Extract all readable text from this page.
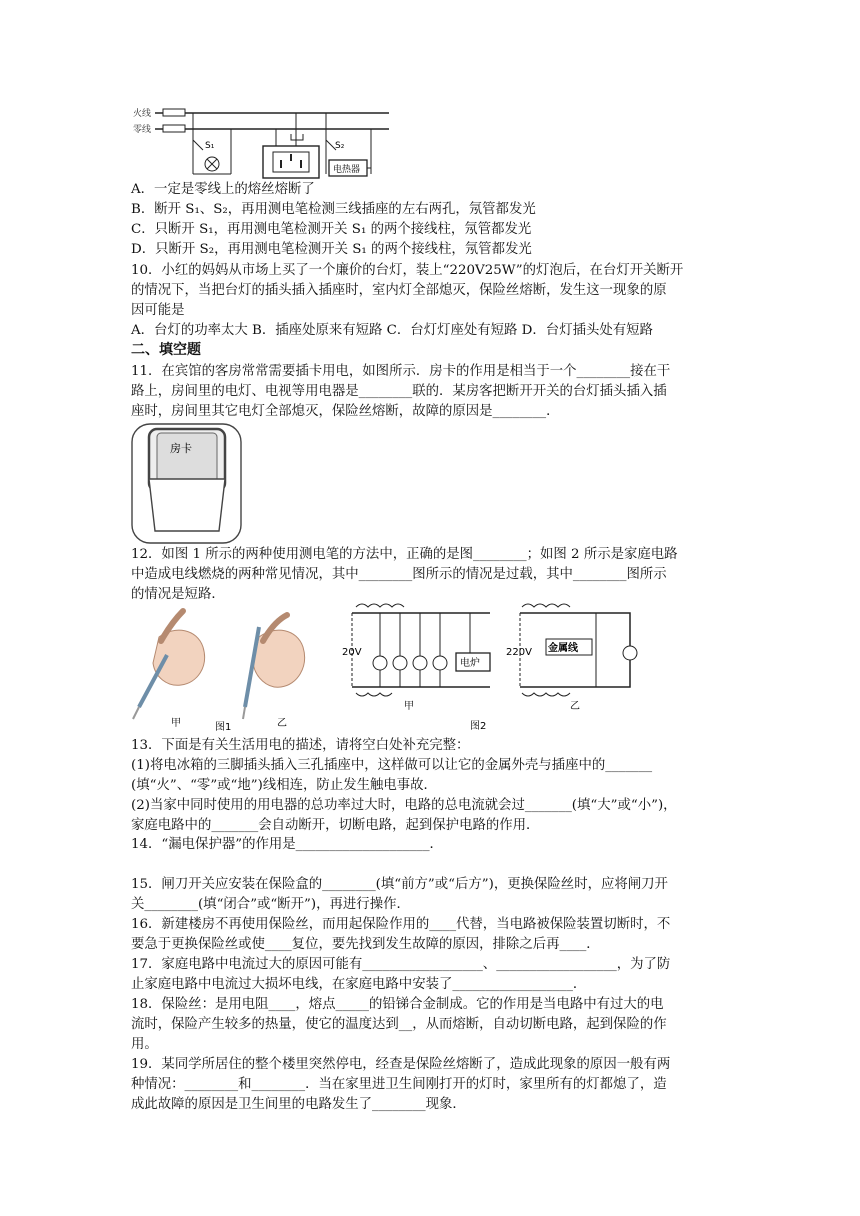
火线
零线
S₁	S₂
电热器
A．一定是零线上的熔丝熔断了
B．断开 S₁、S₂，再用测电笔检测三线插座的左右两孔，氖管都发光
C．只断开 S₁，再用测电笔检测开关 S₁ 的两个接线柱，氖管都发光
D．只断开 S₂，再用测电笔检测开关 S₁ 的两个接线柱，氖管都发光
10．小红的妈妈从市场上买了一个廉价的台灯，装上“220V25W”的灯泡后，在台灯开关断开
的情况下，当把台灯的插头插入插座时，室内灯全部熄灭，保险丝熔断，发生这一现象的原
因可能是
A．台灯的功率太大 B．插座处原来有短路 C．台灯灯座处有短路 D．台灯插头处有短路
二、填空题
11．在宾馆的客房常常需要插卡用电，如图所示．房卡的作用是相当于一个________接在干
路上，房间里的电灯、电视等用电器是________联的．某房客把断开开关的台灯插头插入插
座时，房间里其它电灯全部熄灭，保险丝熔断，故障的原因是________．
房卡
12．如图 1 所示的两种使用测电笔的方法中，正确的是图________；如图 2 所示是家庭电路
中造成电线燃烧的两种常见情况，其中________图所示的情况是过载，其中________图所示
的情况是短路．
甲	乙
图1
20V
电炉
甲
220V 金属线
乙
图2
13．下面是有关生活用电的描述，请将空白处补充完整：
(1)将电冰箱的三脚插头插入三孔插座中，这样做可以让它的金属外壳与插座中的_______
(填“火”、“零”或“地”)线相连，防止发生触电事故．
(2)当家中同时使用的用电器的总功率过大时，电路的总电流就会过_______(填“大”或“小”)，
家庭电路中的_______会自动断开，切断电路，起到保护电路的作用．
14．“漏电保护器”的作用是____________________．
15．闸刀开关应安装在保险盒的________(填“前方”或“后方”)，更换保险丝时，应将闸刀开
关________(填“闭合”或“断开”)，再进行操作．
16．新建楼房不再使用保险丝，而用起保险作用的____代替，当电路被保险装置切断时，不
要急于更换保险丝或使____复位，要先找到发生故障的原因，排除之后再____．
17．家庭电路中电流过大的原因可能有__________________、__________________，为了防
止家庭电路中电流过大损坏电线，在家庭电路中安装了__________________．
18．保险丝：是用电阻____，熔点_____的铅锑合金制成。它的作用是当电路中有过大的电
流时，保险产生较多的热量，使它的温度达到__，从而熔断，自动切断电路，起到保险的作
用。
19．某同学所居住的整个楼里突然停电，经查是保险丝熔断了，造成此现象的原因一般有两
种情况：________和________．当在家里进卫生间刚打开的灯时，家里所有的灯都熄了，造
成此故障的原因是卫生间里的电路发生了________现象．
